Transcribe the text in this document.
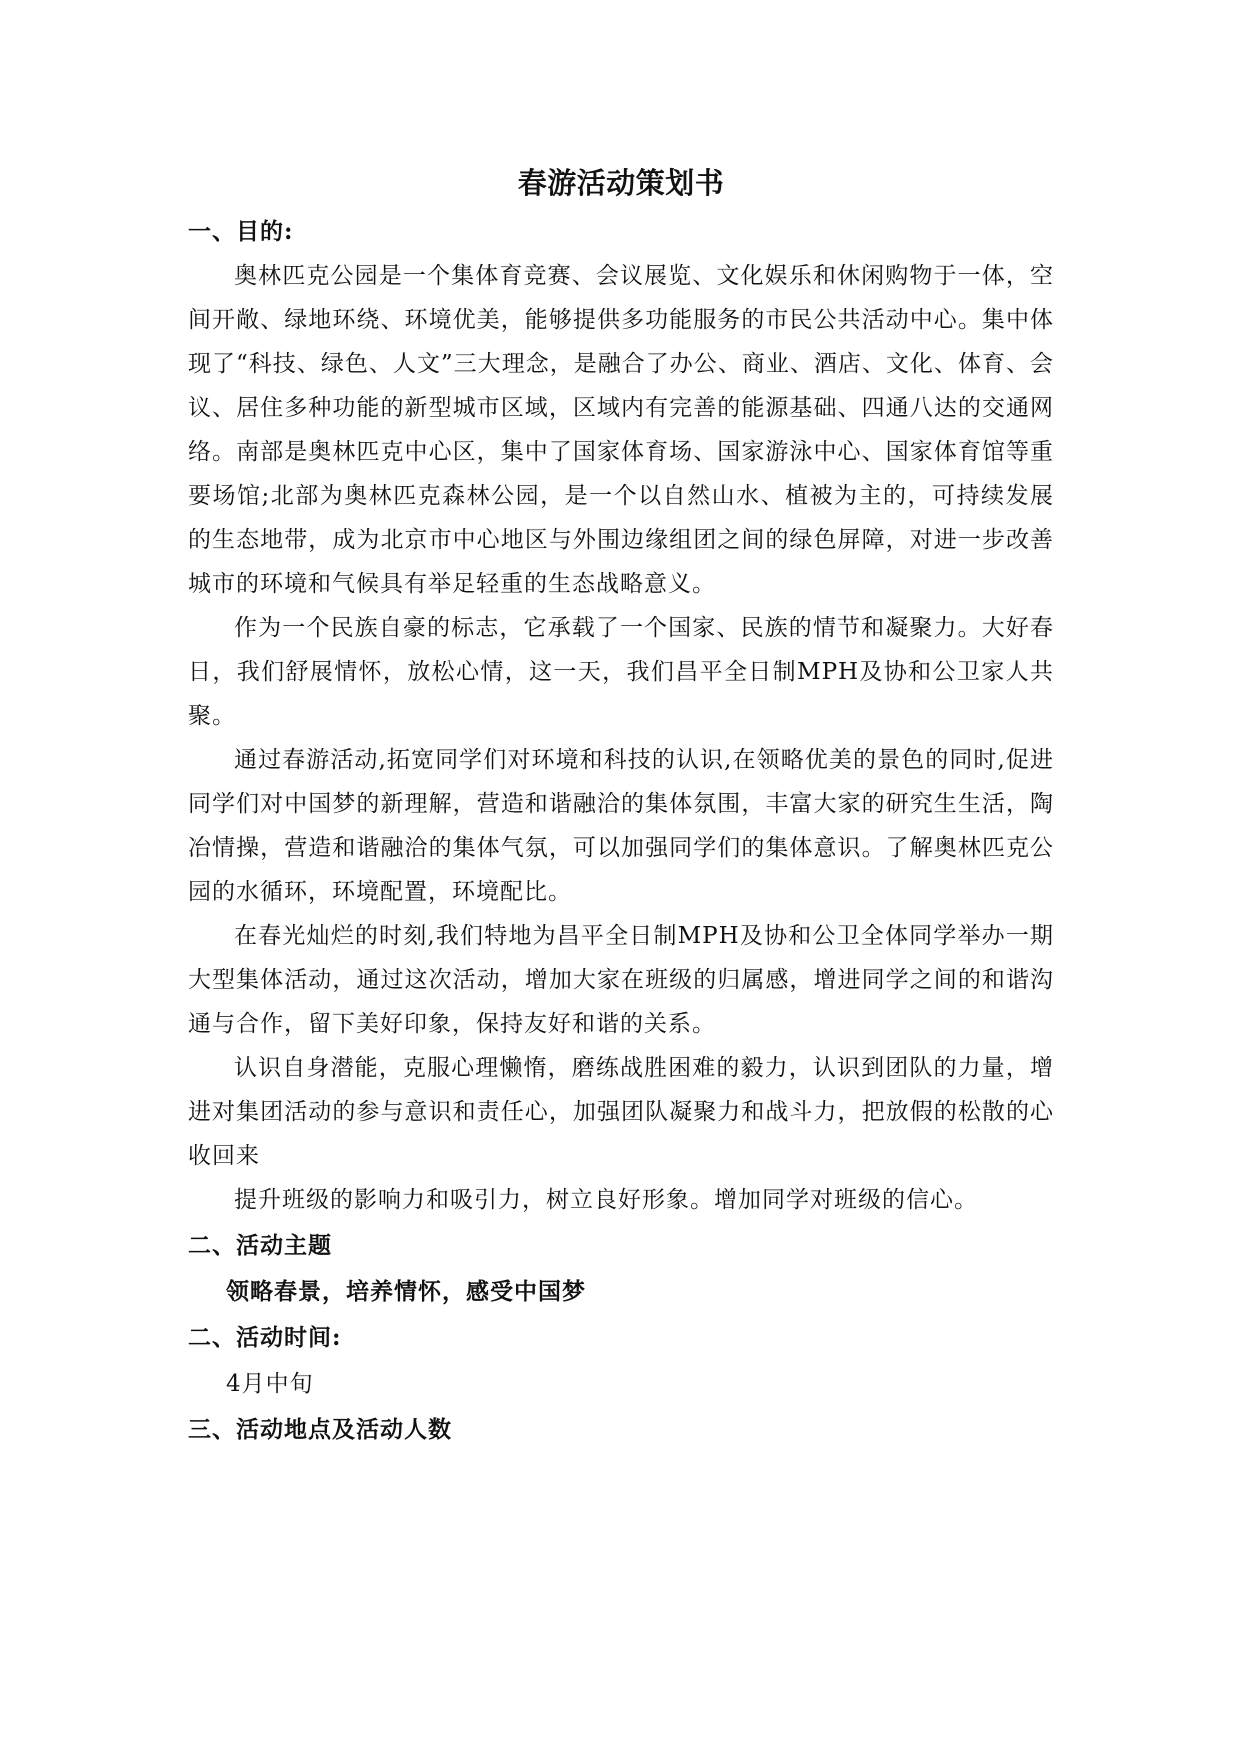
春游活动策划书
一、目的:

奥林匹克公园是一个集体育竞赛、会议展览、文化娱乐和休闲购物于一体，空间开敞、绿地环绕、环境优美，能够提供多功能服务的市民公共活动中心。集中体现了“科技、绿色、人文”三大理念，是融合了办公、商业、酒店、文化、体育、会议、居住多种功能的新型城市区域，区域内有完善的能源基础、四通八达的交通网络。南部是奥林匹克中心区，集中了国家体育场、国家游泳中心、国家体育馆等重要场馆;北部为奥林匹克森林公园，是一个以自然山水、植被为主的，可持续发展的生态地带，成为北京市中心地区与外围边缘组团之间的绿色屏障，对进一步改善城市的环境和气候具有举足轻重的生态战略意义。

作为一个民族自豪的标志，它承载了一个国家、民族的情节和凝聚力。大好春日，我们舒展情怀，放松心情，这一天，我们昌平全日制MPH及协和公卫家人共聚。

通过春游活动,拓宽同学们对环境和科技的认识,在领略优美的景色的同时,促进同学们对中国梦的新理解，营造和谐融洽的集体氛围，丰富大家的研究生生活，陶冶情操，营造和谐融洽的集体气氛，可以加强同学们的集体意识。了解奥林匹克公园的水循环，环境配置，环境配比。

在春光灿烂的时刻,我们特地为昌平全日制MPH及协和公卫全体同学举办一期大型集体活动，通过这次活动，增加大家在班级的归属感，增进同学之间的和谐沟通与合作，留下美好印象，保持友好和谐的关系。

认识自身潜能，克服心理懒惰，磨练战胜困难的毅力，认识到团队的力量，增进对集团活动的参与意识和责任心，加强团队凝聚力和战斗力，把放假的松散的心收回来

提升班级的影响力和吸引力，树立良好形象。增加同学对班级的信心。

二、活动主题
领略春景，培养情怀，感受中国梦
二、活动时间:
4月中旬
三、活动地点及活动人数
